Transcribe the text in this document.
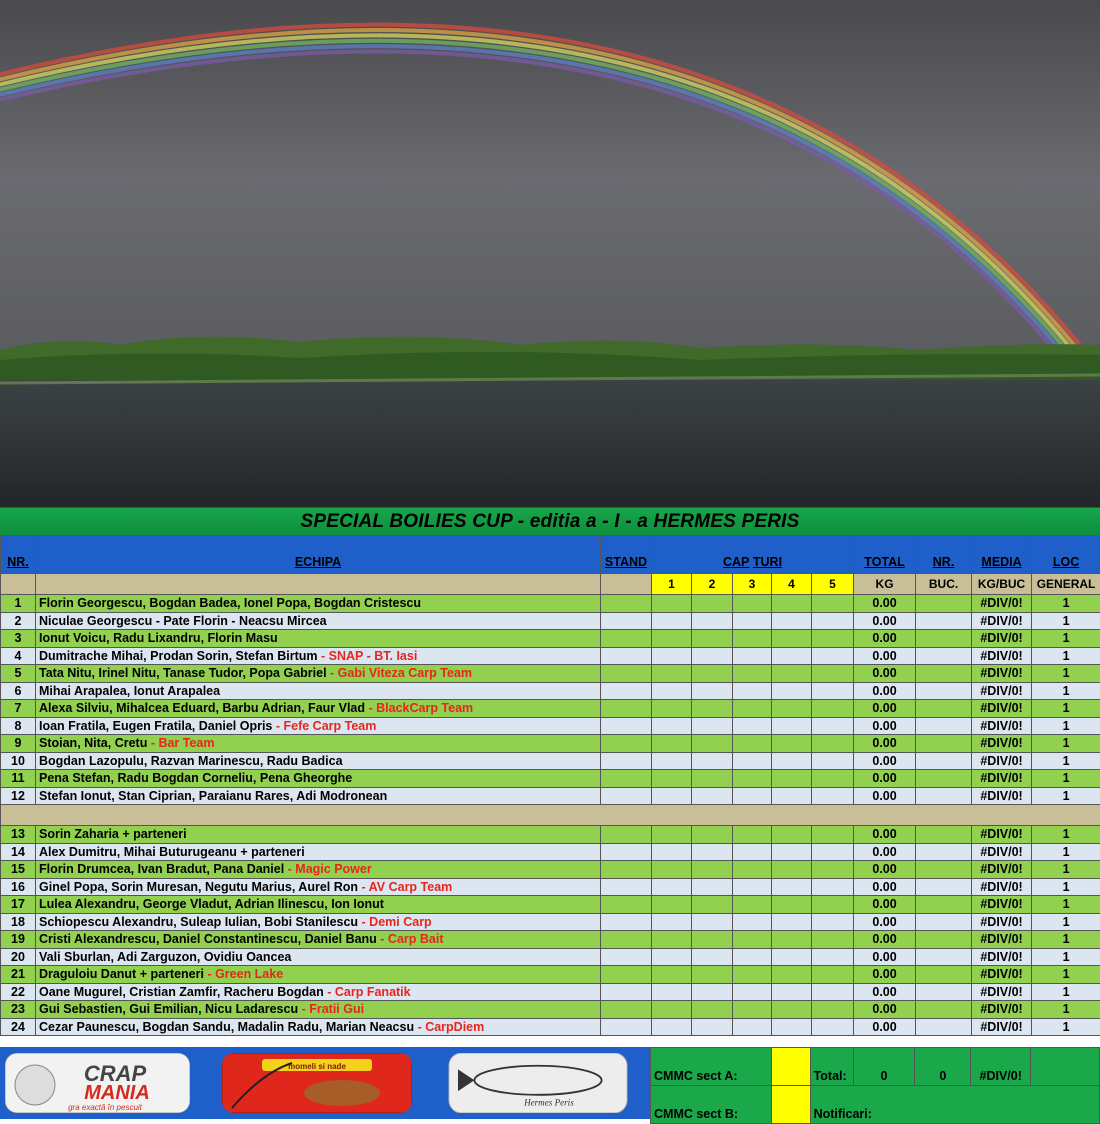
SPECIAL BOILIES CUP - editia a - I - a HERMES PERIS
NR.	ECHIPA	STAND	CAP TURI					TOTAL	NR.	MEDIA	LOC
			1	2	3	4	5	KG	BUC.	KG/BUC	GENERAL
1	Florin Georgescu, Bogdan Badea, Ionel Popa, Bogdan Cristescu							0.00		#DIV/0!	1
2	Niculae Georgescu - Pate Florin - Neacsu Mircea							0.00		#DIV/0!	1
3	Ionut Voicu, Radu Lixandru, Florin Masu							0.00		#DIV/0!	1
4	Dumitrache Mihai, Prodan Sorin, Stefan Birtum - SNAP - BT. Iasi							0.00		#DIV/0!	1
5	Tata Nitu, Irinel Nitu, Tanase Tudor, Popa Gabriel - Gabi Viteza Carp Team							0.00		#DIV/0!	1
6	Mihai Arapalea, Ionut Arapalea							0.00		#DIV/0!	1
7	Alexa Silviu, Mihalcea Eduard, Barbu Adrian, Faur Vlad - BlackCarp Team							0.00		#DIV/0!	1
8	Ioan Fratila, Eugen Fratila, Daniel Opris - Fefe Carp Team							0.00		#DIV/0!	1
9	Stoian, Nita, Cretu - Bar Team							0.00		#DIV/0!	1
10	Bogdan Lazopulu, Razvan Marinescu, Radu Badica							0.00		#DIV/0!	1
11	Pena Stefan, Radu Bogdan Corneliu, Pena Gheorghe							0.00		#DIV/0!	1
12	Stefan Ionut, Stan Ciprian, Paraianu Rares, Adi Modronean							0.00		#DIV/0!	1

13	Sorin Zaharia + parteneri							0.00		#DIV/0!	1
14	Alex Dumitru, Mihai Buturugeanu + parteneri							0.00		#DIV/0!	1
15	Florin Drumcea, Ivan Bradut, Pana Daniel - Magic Power							0.00		#DIV/0!	1
16	Ginel Popa, Sorin Muresan, Negutu Marius, Aurel Ron - AV Carp Team							0.00		#DIV/0!	1
17	Lulea Alexandru, George Vladut, Adrian Ilinescu, Ion Ionut							0.00		#DIV/0!	1
18	Schiopescu Alexandru, Suleap Iulian, Bobi Stanilescu - Demi Carp							0.00		#DIV/0!	1
19	Cristi Alexandrescu, Daniel Constantinescu, Daniel Banu - Carp Bait							0.00		#DIV/0!	1
20	Vali Sburlan, Adi Zarguzon, Ovidiu Oancea							0.00		#DIV/0!	1
21	Draguloiu Danut + parteneri - Green Lake							0.00		#DIV/0!	1
22	Oane Mugurel, Cristian Zamfir, Racheru Bogdan - Carp Fanatik							0.00		#DIV/0!	1
23	Gui Sebastien, Gui Emilian, Nicu Ladarescu - Fratii Gui							0.00		#DIV/0!	1
24	Cezar Paunescu, Bogdan Sandu, Madalin Radu, Marian Neacsu - CarpDiem							0.00		#DIV/0!	1
CRAP
MANIA
gra exactă în pescuit
momeli si nade
Hermes Peris
CMMC sect A:		Total:	0	0	#DIV/0!	
CMMC sect B:		Notificari:				
